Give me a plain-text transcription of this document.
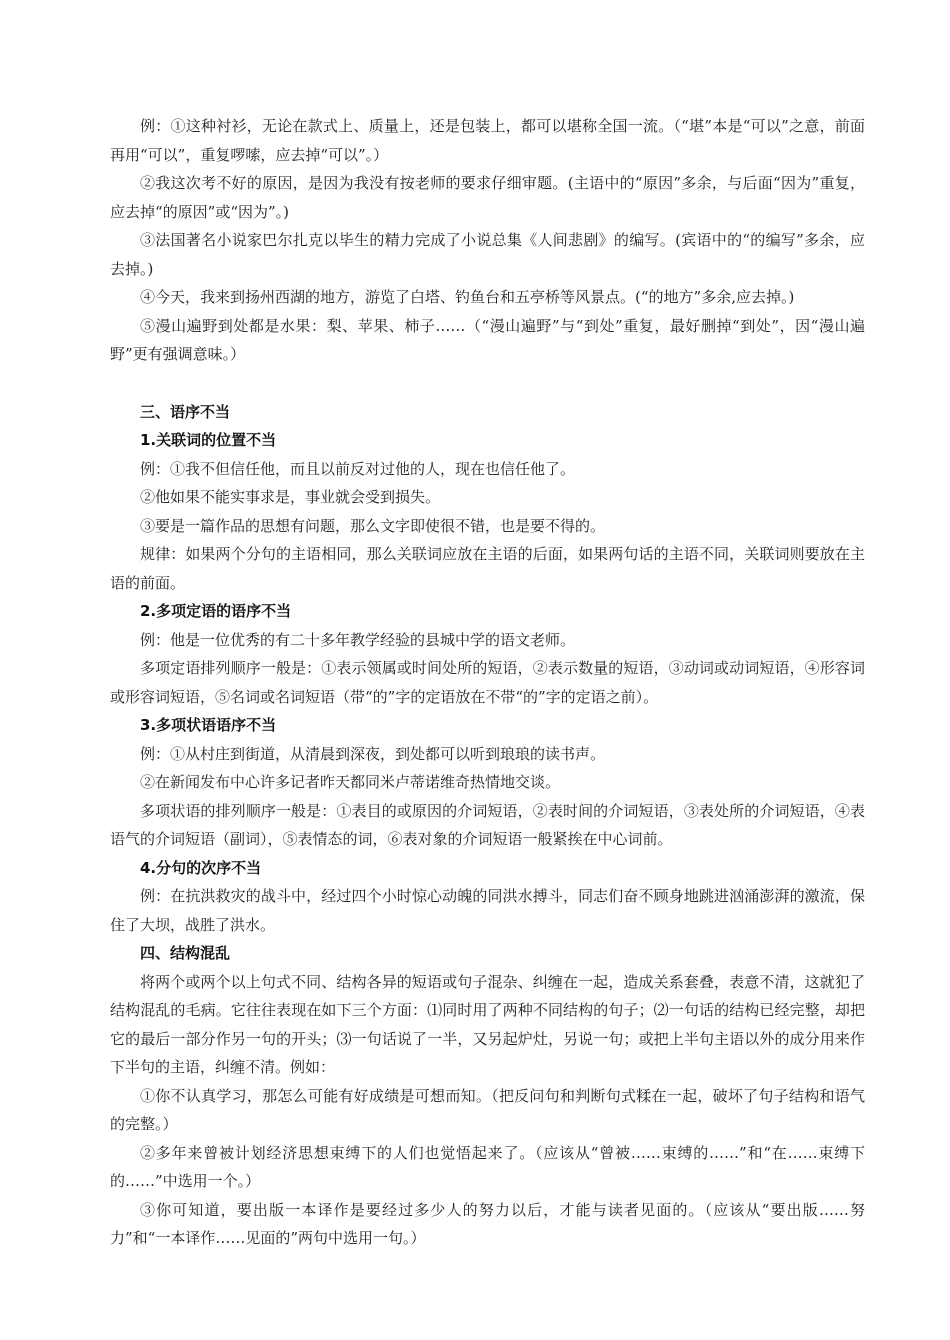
例：①这种衬衫，无论在款式上、质量上，还是包装上，都可以堪称全国一流。（“堪”本是“可以”之意，前面再用“可以”，重复啰嗦，应去掉“可以”。）

②我这次考不好的原因，是因为我没有按老师的要求仔细审题。(主语中的“原因”多余，与后面“因为”重复，应去掉“的原因”或“因为”。)

③法国著名小说家巴尔扎克以毕生的精力完成了小说总集《人间悲剧》的编写。(宾语中的“的编写”多余，应去掉。)

④今天，我来到扬州西湖的地方，游览了白塔、钓鱼台和五亭桥等风景点。(“的地方”多余,应去掉。)

⑤漫山遍野到处都是水果：梨、苹果、柿子……（“漫山遍野”与“到处”重复，最好删掉“到处”，因“漫山遍野”更有强调意味。）

三、语序不当

1.关联词的位置不当

例：①我不但信任他，而且以前反对过他的人，现在也信任他了。

②他如果不能实事求是，事业就会受到损失。

③要是一篇作品的思想有问题，那么文字即使很不错，也是要不得的。

规律：如果两个分句的主语相同，那么关联词应放在主语的后面，如果两句话的主语不同，关联词则要放在主语的前面。

2.多项定语的语序不当

例：他是一位优秀的有二十多年教学经验的县城中学的语文老师。

多项定语排列顺序一般是：①表示领属或时间处所的短语，②表示数量的短语，③动词或动词短语，④形容词或形容词短语，⑤名词或名词短语（带“的”字的定语放在不带“的”字的定语之前）。

3.多项状语语序不当

例：①从村庄到街道，从清晨到深夜，到处都可以听到琅琅的读书声。

②在新闻发布中心许多记者昨天都同米卢蒂诺维奇热情地交谈。

多项状语的排列顺序一般是：①表目的或原因的介词短语，②表时间的介词短语，③表处所的介词短语，④表语气的介词短语（副词），⑤表情态的词，⑥表对象的介词短语一般紧挨在中心词前。

4.分句的次序不当

例：在抗洪救灾的战斗中，经过四个小时惊心动魄的同洪水搏斗，同志们奋不顾身地跳进汹涌澎湃的激流，保住了大坝，战胜了洪水。

四、结构混乱

将两个或两个以上句式不同、结构各异的短语或句子混杂、纠缠在一起，造成关系套叠，表意不清，这就犯了结构混乱的毛病。它往往表现在如下三个方面：⑴同时用了两种不同结构的句子；⑵一句话的结构已经完整，却把它的最后一部分作另一句的开头；⑶一句话说了一半，又另起炉灶，另说一句；或把上半句主语以外的成分用来作下半句的主语，纠缠不清。例如：

①你不认真学习，那怎么可能有好成绩是可想而知。（把反问句和判断句式糅在一起，破坏了句子结构和语气的完整。）

②多年来曾被计划经济思想束缚下的人们也觉悟起来了。（应该从“曾被……束缚的……”和“在……束缚下的……”中选用一个。）

③你可知道，要出版一本译作是要经过多少人的努力以后，才能与读者见面的。（应该从“要出版……努力”和“一本译作……见面的”两句中选用一句。）
